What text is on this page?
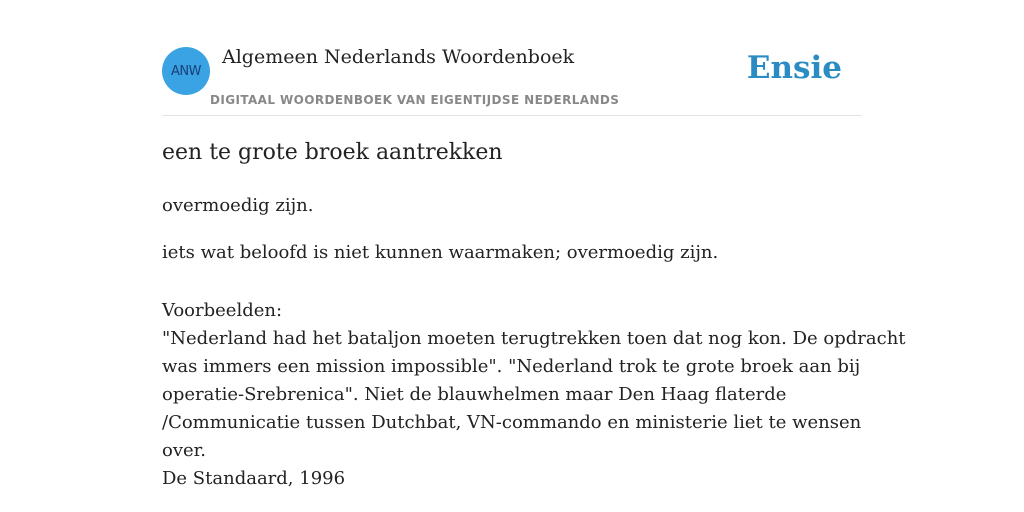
ANW
Algemeen Nederlands Woordenboek
DIGITAAL WOORDENBOEK VAN EIGENTIJDSE NEDERLANDS
Ensie
een te grote broek aantrekken
overmoedig zijn.
iets wat beloofd is niet kunnen waarmaken; overmoedig zijn.
Voorbeelden:
"Nederland had het bataljon moeten terugtrekken toen dat nog kon. De opdracht
was immers een mission impossible". "Nederland trok te grote broek aan bij
operatie-Srebrenica". Niet de blauwhelmen maar Den Haag flaterde
/Communicatie tussen Dutchbat, VN-commando en ministerie liet te wensen
over.
De Standaard, 1996
